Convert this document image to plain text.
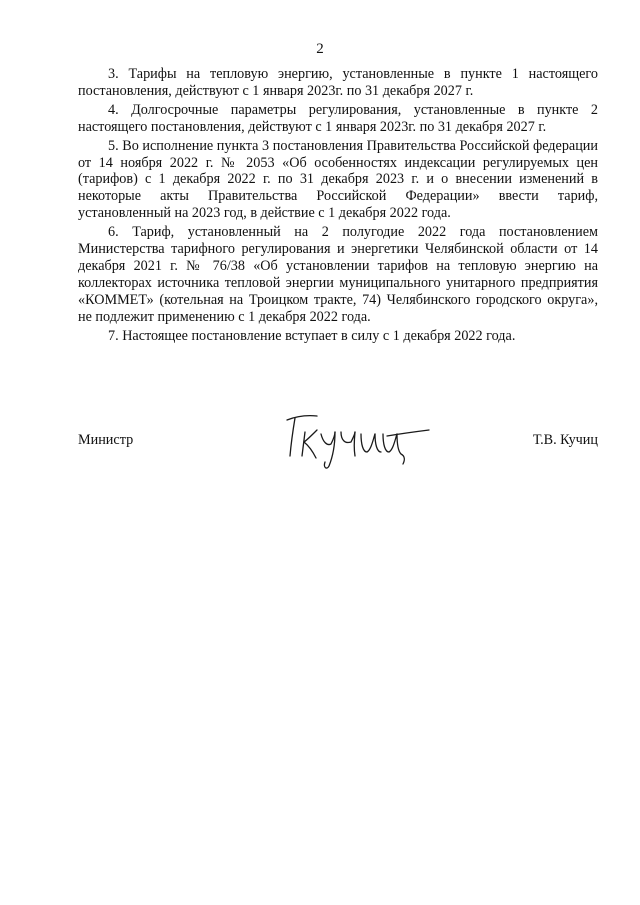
2

3. Тарифы на тепловую энергию, установленные в пункте 1 настоящего постановления, действуют с 1 января 2023г. по 31 декабря 2027 г.

4. Долгосрочные параметры регулирования, установленные в пункте 2 настоящего постановления, действуют с 1 января 2023г. по 31 декабря 2027 г.

5. Во исполнение пункта 3 постановления Правительства Российской федерации от 14 ноября 2022 г. № 2053 «Об особенностях индексации регулируемых цен (тарифов) с 1 декабря 2022 г. по 31 декабря 2023 г. и о внесении изменений в некоторые акты Правительства Российской Федерации» ввести тариф, установленный на 2023 год, в действие с 1 декабря 2022 года.

6. Тариф, установленный на 2 полугодие 2022 года постановлением Министерства тарифного регулирования и энергетики Челябинской области от 14 декабря 2021 г. № 76/38 «Об установлении тарифов на тепловую энергию на коллекторах источника тепловой энергии муниципального унитарного предприятия «КОММЕТ» (котельная на Троицком тракте, 74) Челябинского городского округа», не подлежит применению с 1 декабря 2022 года.

7. Настоящее постановление вступает в силу с 1 декабря 2022 года.

Министр	Т.В. Кучиц
